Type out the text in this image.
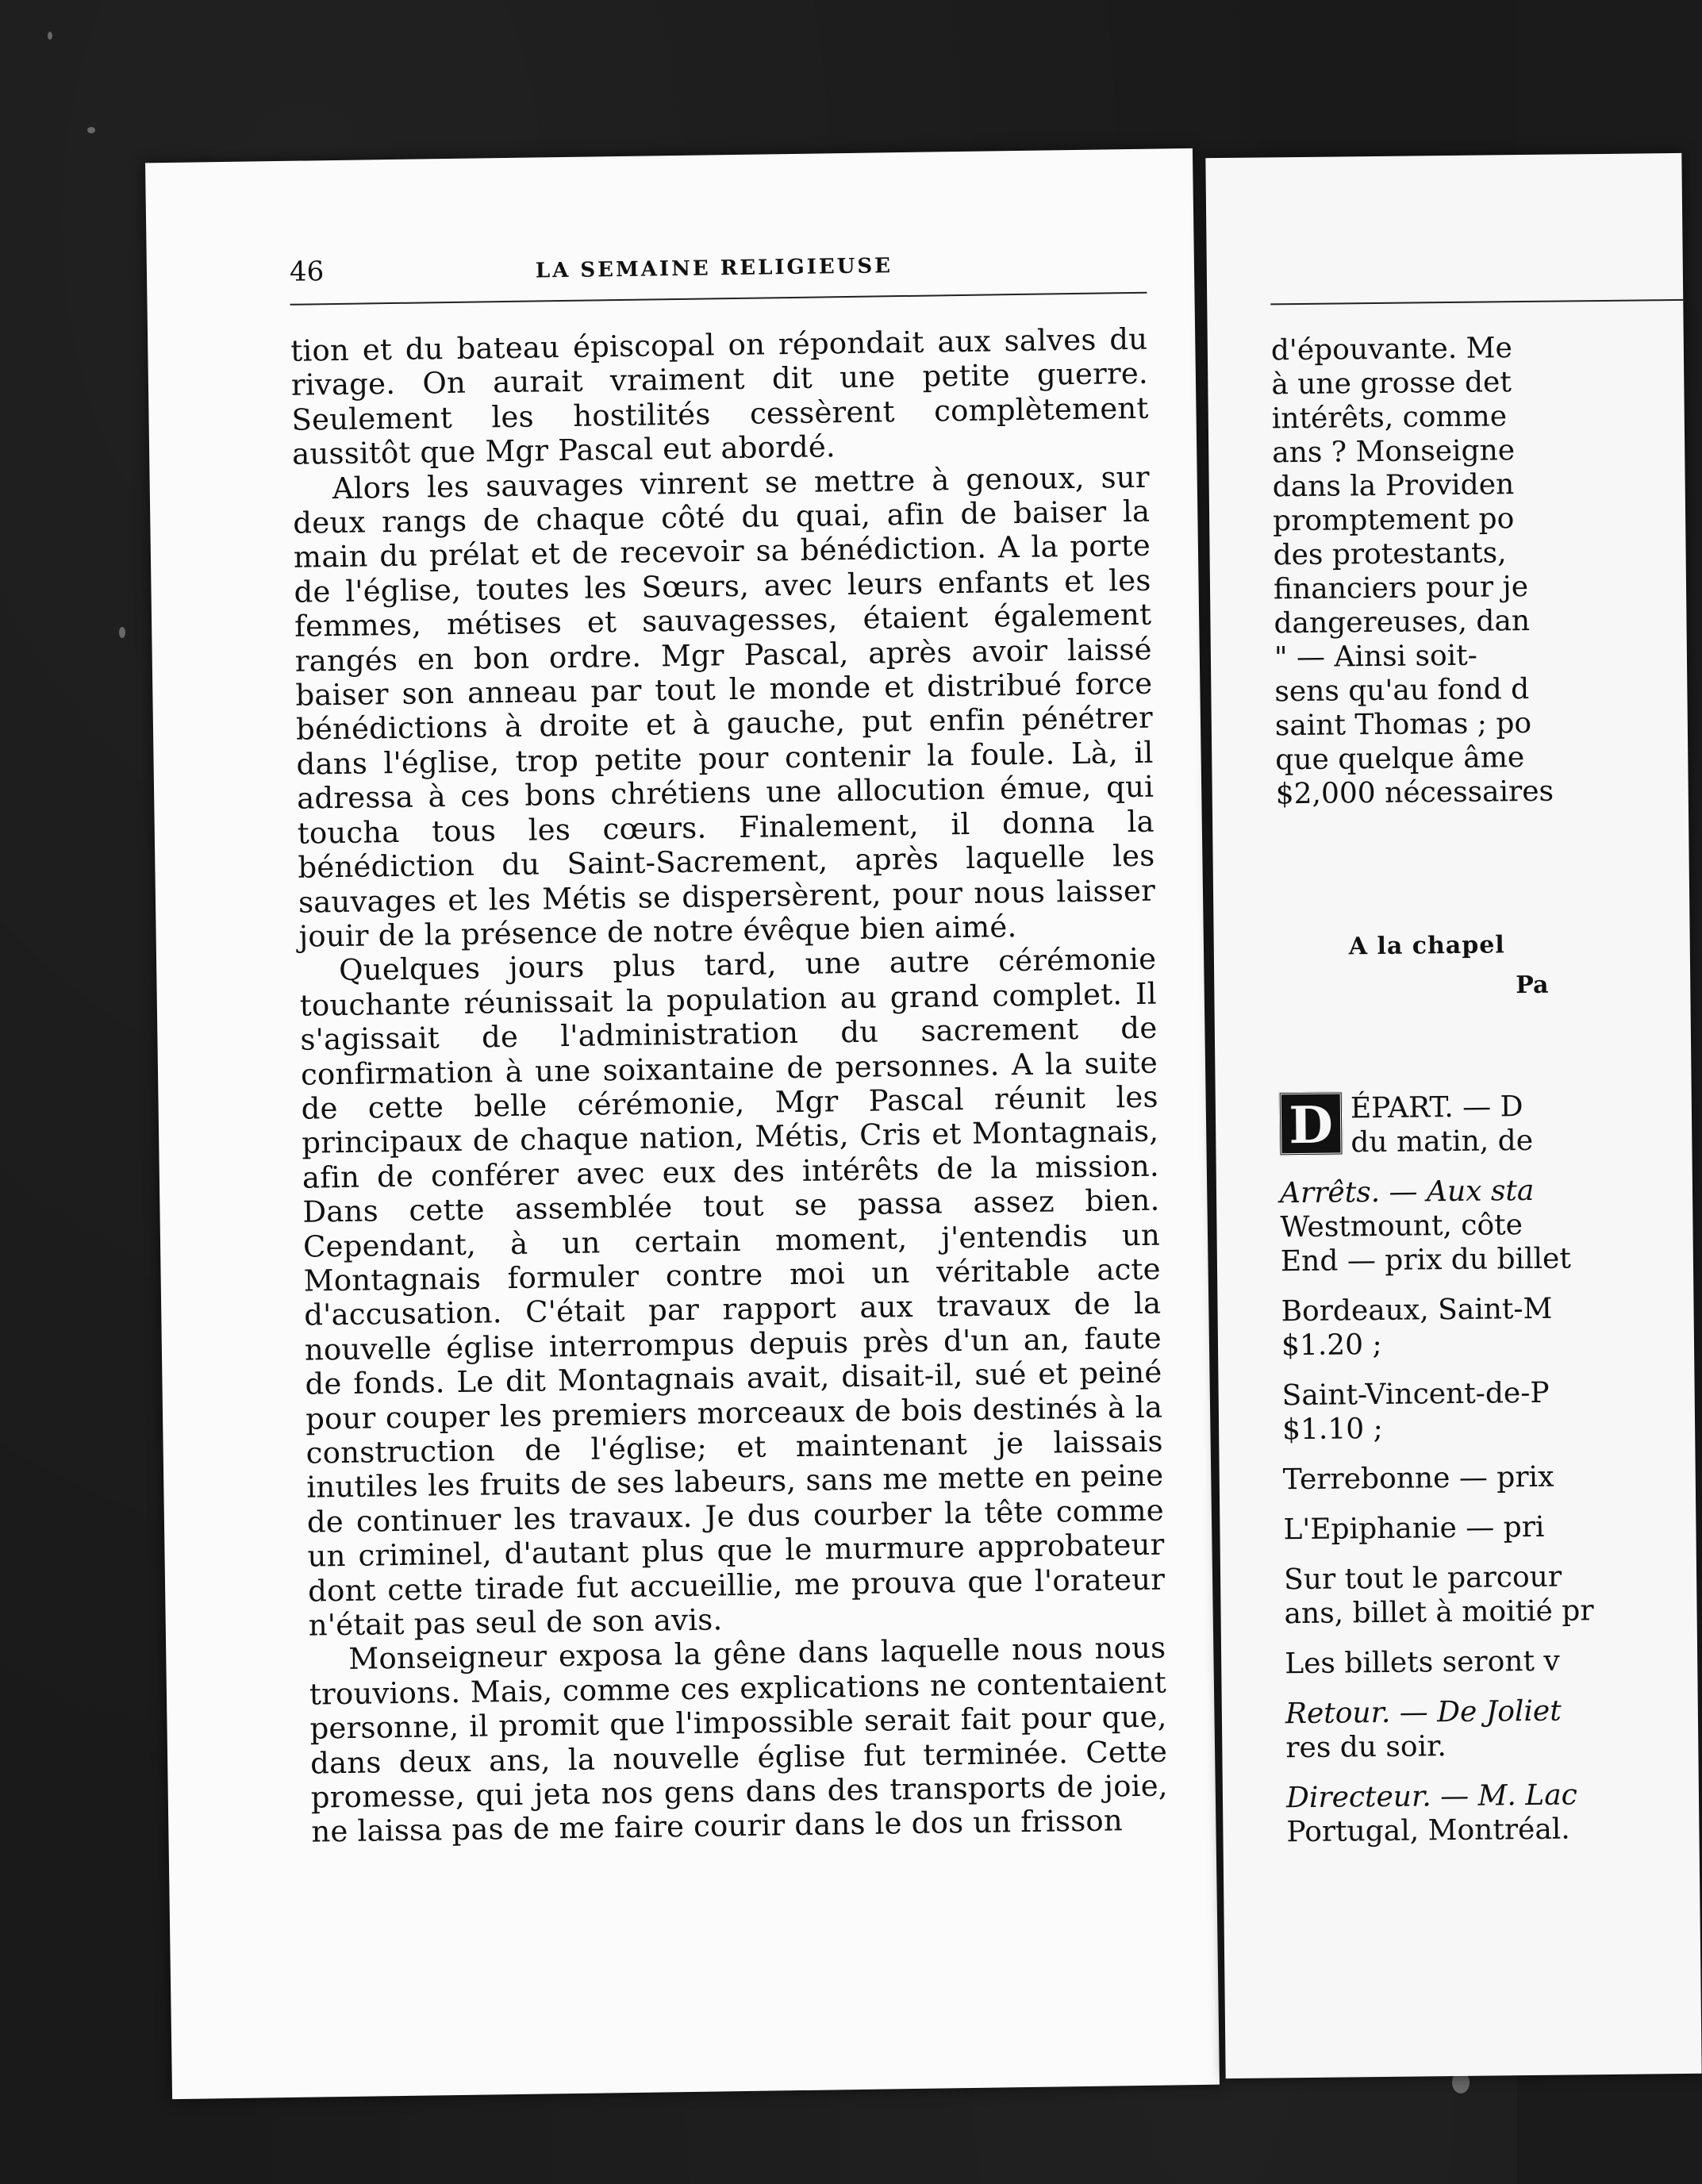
46	LA SEMAINE RELIGIEUSE

tion et du bateau épiscopal on répondait aux salves du rivage. On aurait vraiment dit une petite guerre. Seulement les hostilités cessèrent complètement aussitôt que Mgr Pascal eut abordé.

Alors les sauvages vinrent se mettre à genoux, sur deux rangs de chaque côté du quai, afin de baiser la main du prélat et de recevoir sa bénédiction. A la porte de l'église, toutes les Sœurs, avec leurs enfants et les femmes, métises et sauvagesses, étaient également rangés en bon ordre. Mgr Pascal, après avoir laissé baiser son anneau par tout le monde et distribué force bénédictions à droite et à gauche, put enfin pénétrer dans l'église, trop petite pour contenir la foule. Là, il adressa à ces bons chrétiens une allocution émue, qui toucha tous les cœurs. Finalement, il donna la bénédiction du Saint-Sacrement, après laquelle les sauvages et les Métis se dispersèrent, pour nous laisser jouir de la présence de notre évêque bien aimé.

Quelques jours plus tard, une autre cérémonie touchante réunissait la population au grand complet. Il s'agissait de l'administration du sacrement de confirmation à une soixantaine de personnes. A la suite de cette belle cérémonie, Mgr Pascal réunit les principaux de chaque nation, Métis, Cris et Montagnais, afin de conférer avec eux des intérêts de la mission. Dans cette assemblée tout se passa assez bien. Cependant, à un certain moment, j'entendis un Montagnais formuler contre moi un véritable acte d'accusation. C'était par rapport aux travaux de la nouvelle église interrompus depuis près d'un an, faute de fonds. Le dit Montagnais avait, disait-il, sué et peiné pour couper les premiers morceaux de bois destinés à la construction de l'église; et maintenant je laissais inutiles les fruits de ses labeurs, sans me mette en peine de continuer les travaux. Je dus courber la tête comme un criminel, d'autant plus que le murmure approbateur dont cette tirade fut accueillie, me prouva que l'orateur n'était pas seul de son avis.

Monseigneur exposa la gêne dans laquelle nous nous trouvions. Mais, comme ces explications ne contentaient personne, il promit que l'impossible serait fait pour que, dans deux ans, la nouvelle église fut terminée. Cette promesse, qui jeta nos gens dans des transports de joie, ne laissa pas de me faire courir dans le dos un frisson

d'épouvante. Me
à une grosse det
intérêts, comme
ans ? Monseigne
dans la Providen
promptement po
des protestants,
financiers pour je
dangereuses, dan
" — Ainsi soit-
sens qu'au fond d
saint Thomas ; po
que quelque âme
$2,000 nécessaires
A la chapel
Pa
D ÉPART. — D
du matin, de
Arrêts. — Aux sta
Westmount, côte
End — prix du billet
Bordeaux, Saint-M
$1.20 ;
Saint-Vincent-de-P
$1.10 ;
Terrebonne — prix
L'Epiphanie — pri
Sur tout le parcour
ans, billet à moitié pr
Les billets seront v
Retour. — De Joliet
res du soir.
Directeur. — M. Lac
Portugal, Montréal.
